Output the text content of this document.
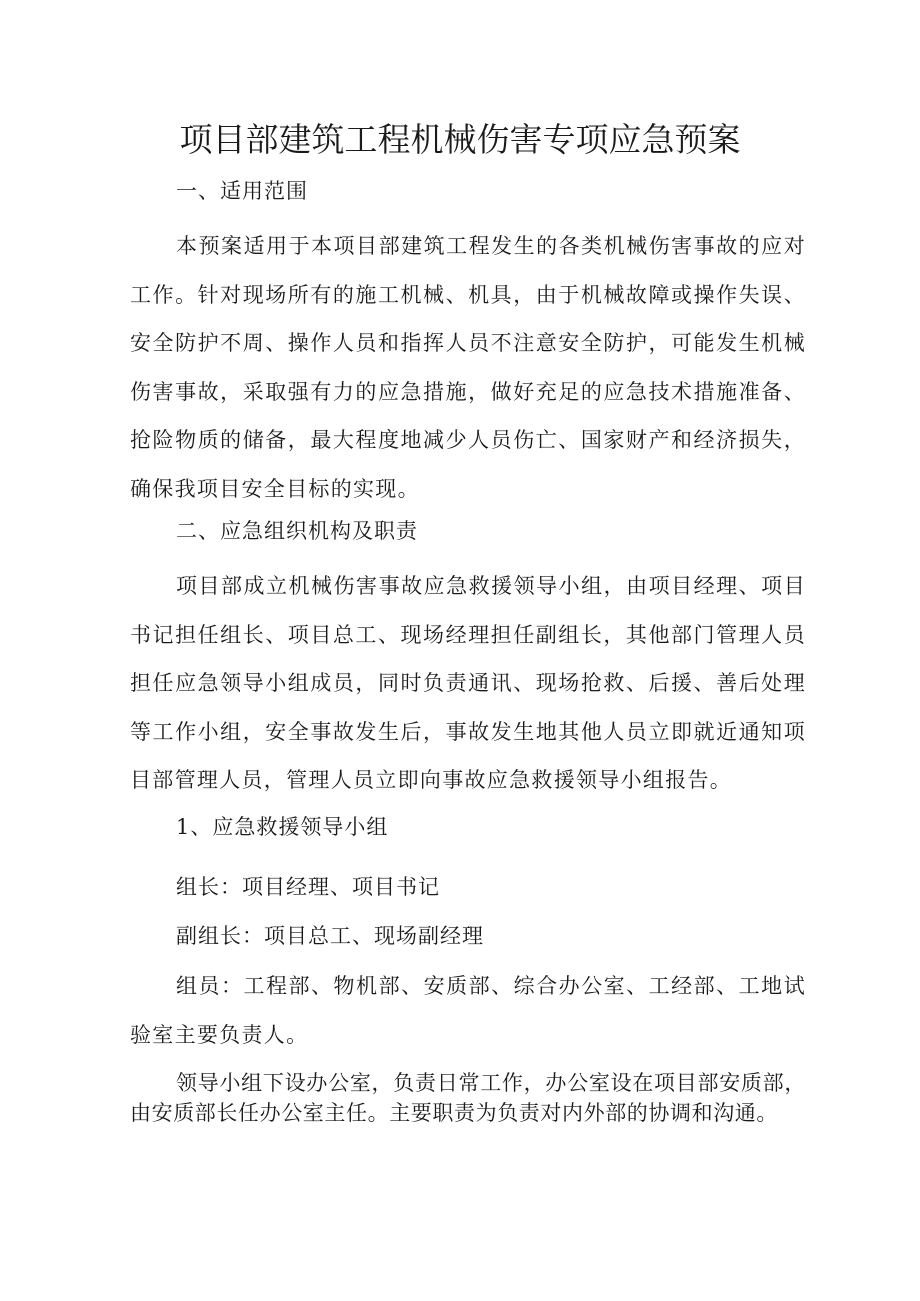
项目部建筑工程机械伤害专项应急预案

一、适用范围

本预案适用于本项目部建筑工程发生的各类机械伤害事故的应对工作。针对现场所有的施工机械、机具，由于机械故障或操作失误、安全防护不周、操作人员和指挥人员不注意安全防护，可能发生机械伤害事故，采取强有力的应急措施，做好充足的应急技术措施准备、抢险物质的储备，最大程度地减少人员伤亡、国家财产和经济损失，确保我项目安全目标的实现。

二、应急组织机构及职责

项目部成立机械伤害事故应急救援领导小组，由项目经理、项目书记担任组长、项目总工、现场经理担任副组长，其他部门管理人员担任应急领导小组成员，同时负责通讯、现场抢救、后援、善后处理等工作小组，安全事故发生后，事故发生地其他人员立即就近通知项目部管理人员，管理人员立即向事故应急救援领导小组报告。

1、应急救援领导小组

组长：项目经理、项目书记

副组长：项目总工、现场副经理

组员：工程部、物机部、安质部、综合办公室、工经部、工地试验室主要负责人。

领导小组下设办公室，负责日常工作，办公室设在项目部安质部，由安质部长任办公室主任。主要职责为负责对内外部的协调和沟通。
